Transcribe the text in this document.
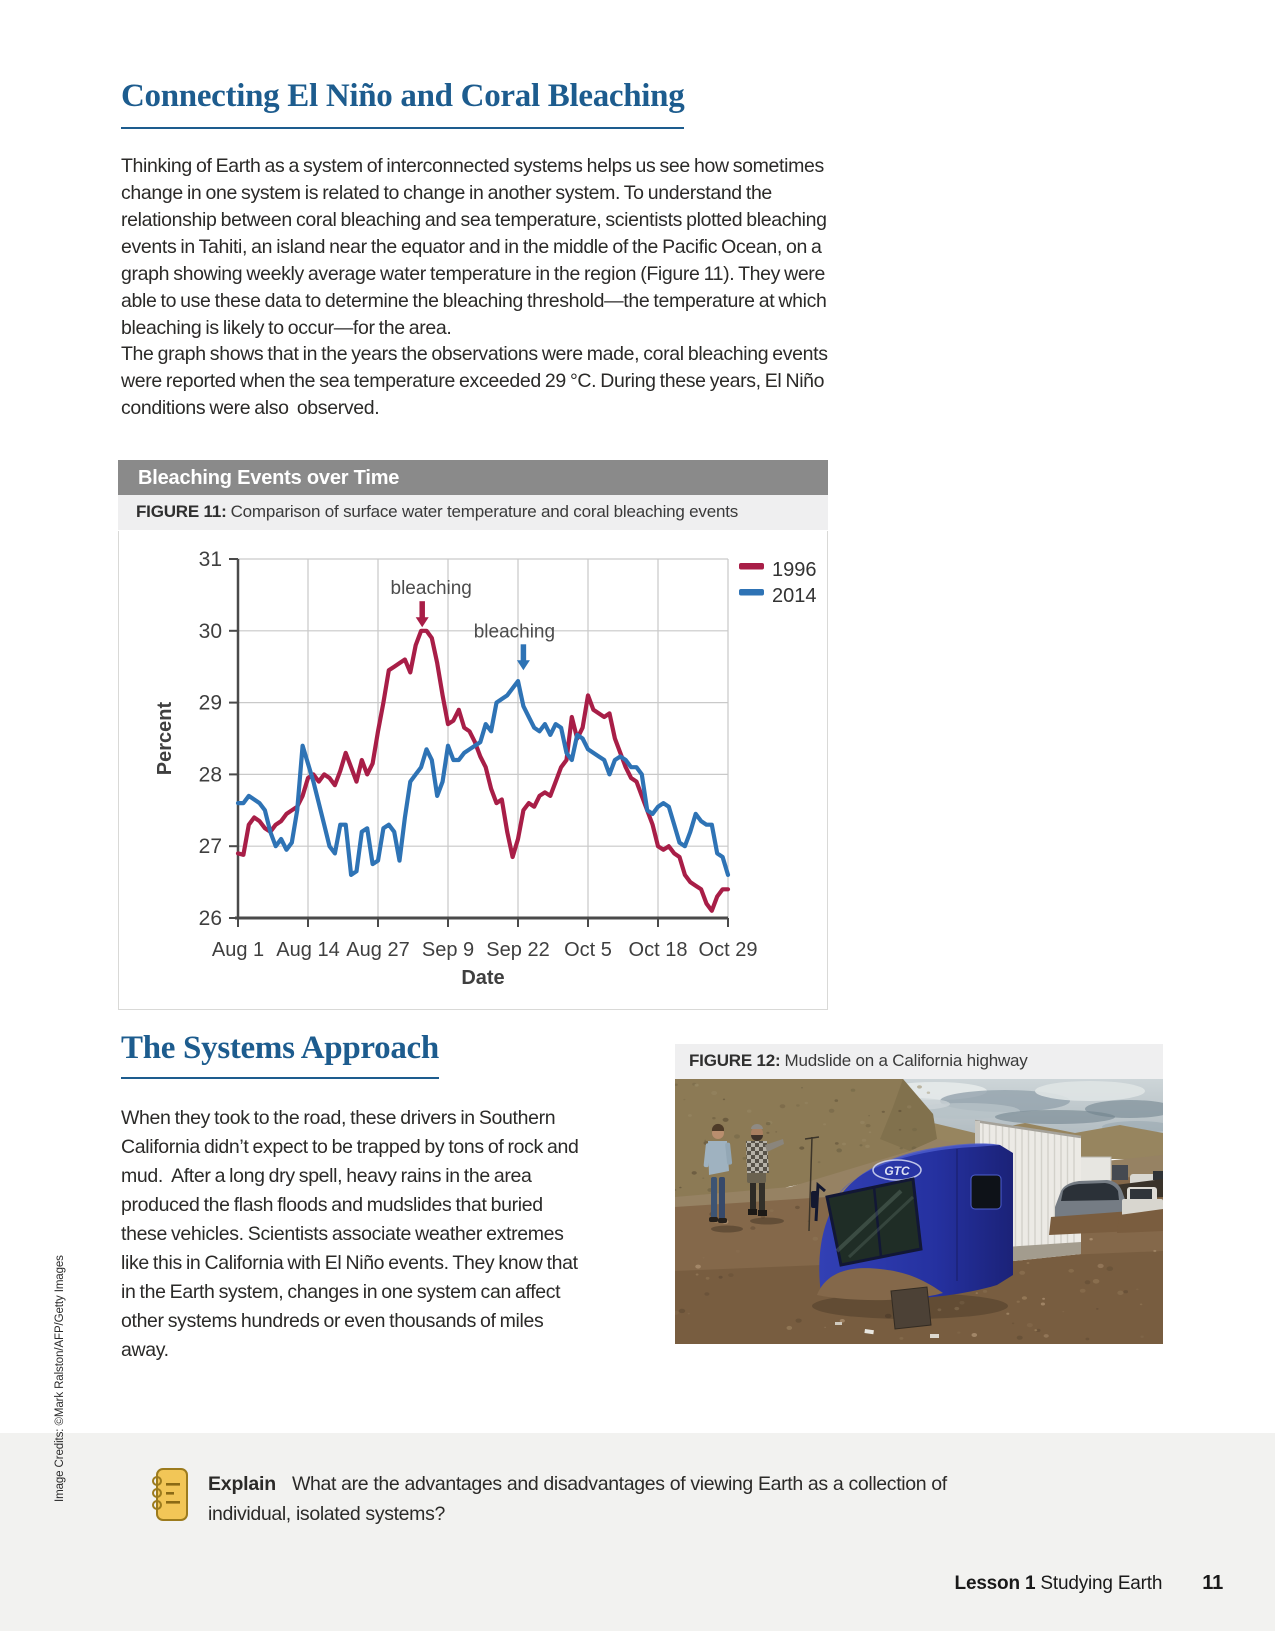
Connecting El Niño and Coral Bleaching

Thinking of Earth as a system of interconnected systems helps us see how sometimes change in one system is related to change in another system. To understand the relationship between coral bleaching and sea temperature, scientists plotted bleaching events in Tahiti, an island near the equator and in the middle of the Pacific Ocean, on a graph showing weekly average water temperature in the region (Figure 11). They were able to use these data to determine the bleaching threshold—the temperature at which bleaching is likely to occur—for the area.

The graph shows that in the years the observations were made, coral bleaching events were reported when the sea temperature exceeded 29 °C. During these years, El Niño conditions were also  observed.

Bleaching Events over Time
FIGURE 11: Comparison of surface water temperature and coral bleaching events
26
27
28
29
30
31
Aug 1 Aug 14 Aug 27 Sep 9 Sep 22 Oct 5 Oct 18 Oct 29
Percent
Date
1996
2014
bleaching
bleaching
The Systems Approach

When they took to the road, these drivers in Southern California didn’t expect to be trapped by tons of rock and mud.  After a long dry spell, heavy rains in the area produced the flash floods and mudslides that buried these vehicles. Scientists associate weather extremes like this in California with El Niño events. They know that in the Earth system, changes in one system can affect other systems hundreds or even thousands of miles away.

FIGURE 12: Mudslide on a California highway
GTC

Explain What are the advantages and disadvantages of viewing Earth as a collection of individual, isolated systems?

Lesson 1 Studying Earth 11
Image Credits: ©Mark Ralston/AFP/Getty Images
